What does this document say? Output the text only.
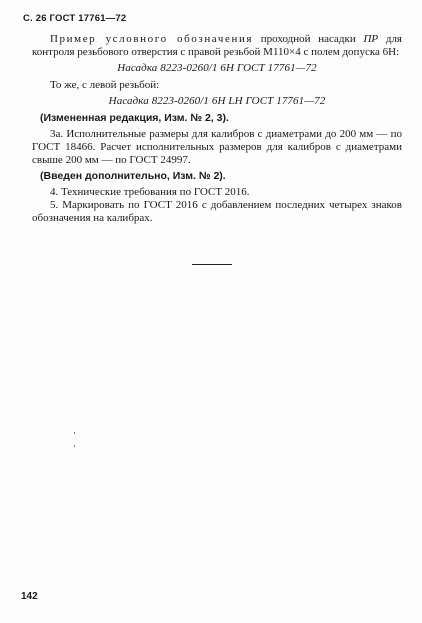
С. 26 ГОСТ 17761—72

Пример условного обозначения проходной насадки ПР для контроля резьбового отверстия с правой резьбой М110×4 с полем допуска 6H:

Насадка 8223-0260/1 6H ГОСТ 17761—72

То же, с левой резьбой:

Насадка 8223-0260/1 6H LH ГОСТ 17761—72

(Измененная редакция, Изм. № 2, 3).

3а. Исполнительные размеры для калибров с диаметрами до 200 мм — по ГОСТ 18466. Расчет исполнительных размеров для калибров с диаметрами свыше 200 мм — по ГОСТ 24997.

(Введен дополнительно, Изм. № 2).

4. Технические требования по ГОСТ 2016.

5. Маркировать по ГОСТ 2016 с добавлением последних четырех знаков обозначения на калибрах.

142
